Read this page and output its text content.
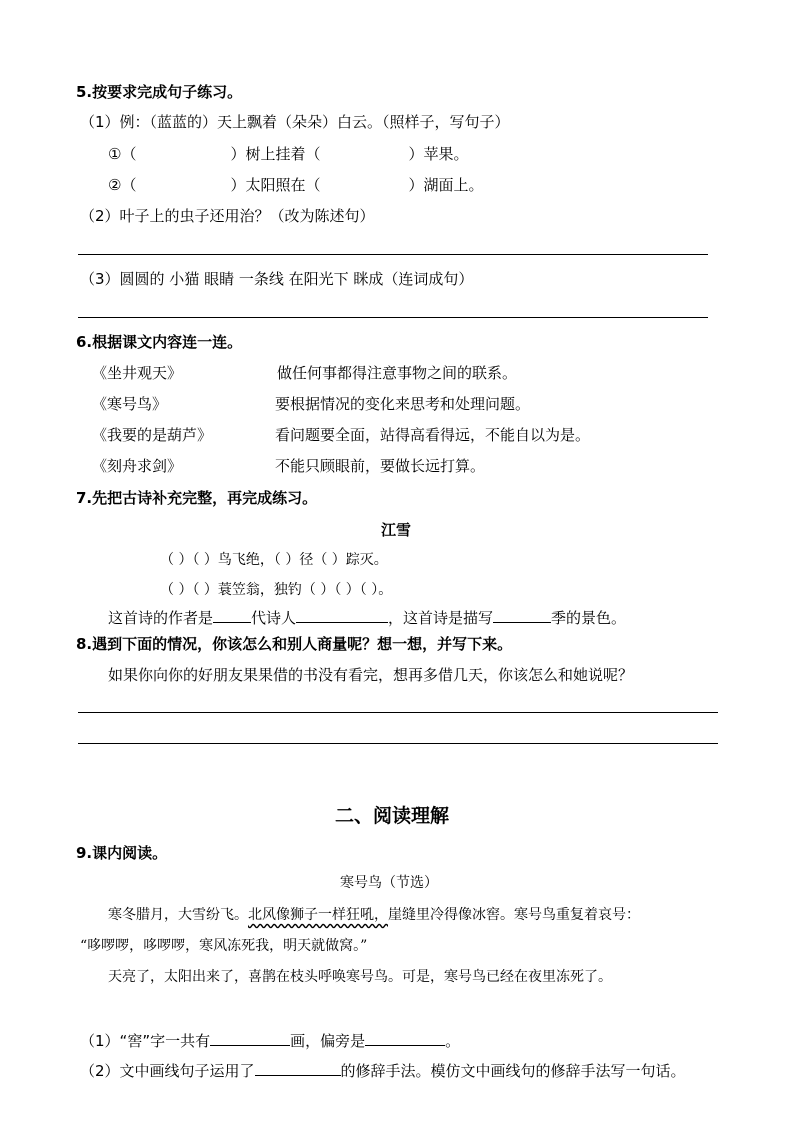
5.按要求完成句子练习。
（1）例：（蓝蓝的）天上飘着（朵朵）白云。（照样子，写句子）
①（	）树上挂着（	）苹果。
②（	）太阳照在（	）湖面上。
（2）叶子上的虫子还用治？（改为陈述句）
（3）圆圆的 小猫 眼睛 一条线 在阳光下 眯成（连词成句）
6.根据课文内容连一连。
《坐井观天》	做任何事都得注意事物之间的联系。
《寒号鸟》	要根据情况的变化来思考和处理问题。
《我要的是葫芦》	看问题要全面，站得高看得远，不能自以为是。
《刻舟求剑》	不能只顾眼前，要做长远打算。
7.先把古诗补充完整，再完成练习。
江雪
（ ）（ ）鸟飞绝，（ ）径（ ）踪灭。
（ ）（ ）蓑笠翁，独钓（ ）（ ）（ ）。
这首诗的作者是	代诗人	，这首诗是描写	季的景色。
8.遇到下面的情况，你该怎么和别人商量呢？想一想，并写下来。
如果你向你的好朋友果果借的书没有看完，想再多借几天，你该怎么和她说呢？
二、阅读理解
9.课内阅读。
寒号鸟（节选）
寒冬腊月，大雪纷飞。北风像狮子一样狂吼，崖缝里冷得像冰窖。寒号鸟重复着哀号：
“哆啰啰，哆啰啰，寒风冻死我，明天就做窝。”
天亮了，太阳出来了，喜鹊在枝头呼唤寒号鸟。可是，寒号鸟已经在夜里冻死了。
（1）“窖”字一共有	画，偏旁是	。
（2）文中画线句子运用了	的修辞手法。模仿文中画线句的修辞手法写一句话。
